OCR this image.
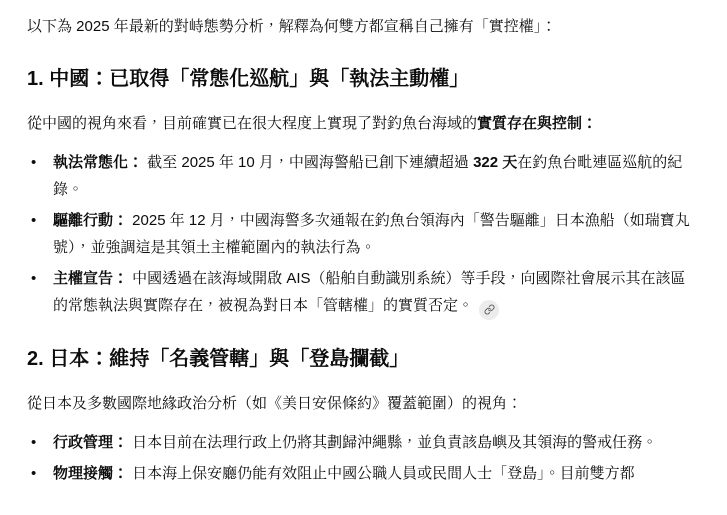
以下為 2025 年最新的對峙態勢分析，解釋為何雙方都宣稱自己擁有「實控權」：

1. 中國：已取得「常態化巡航」與「執法主動權」

從中國的視角來看，目前確實已在很大程度上實現了對釣魚台海域的實質存在與控制：

• 執法常態化： 截至 2025 年 10 月，中國海警船已創下連續超過 322 天在釣魚台毗連區巡航的紀錄。
• 驅離行動： 2025 年 12 月，中國海警多次通報在釣魚台領海內「警告驅離」日本漁船（如瑞寶丸號），並強調這是其領土主權範圍內的執法行為。
• 主權宣告： 中國透過在該海域開啟 AIS（船舶自動識別系統）等手段，向國際社會展示其在該區的常態執法與實際存在，被視為對日本「管轄權」的實質否定。
2. 日本：維持「名義管轄」與「登島攔截」

從日本及多數國際地緣政治分析（如《美日安保條約》覆蓋範圍）的視角：

• 行政管理： 日本目前在法理行政上仍將其劃歸沖繩縣，並負責該島嶼及其領海的警戒任務。
• 物理接觸： 日本海上保安廳仍能有效阻止中國公職人員或民間人士「登島」。目前雙方都
